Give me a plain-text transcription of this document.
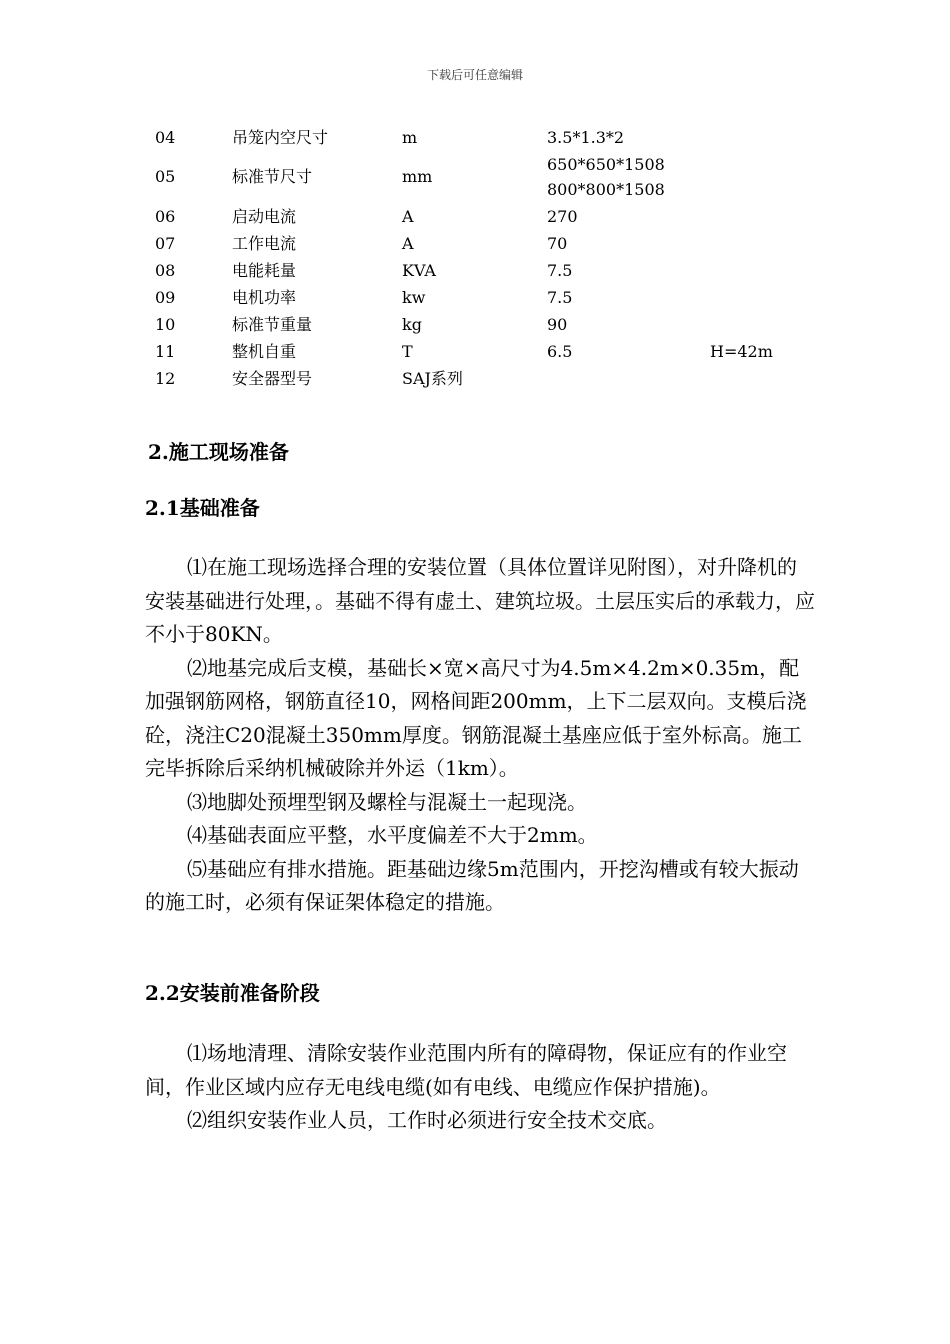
下载后可任意编辑
04	吊笼内空尺寸	m	3.5*1.3*2	
05	标准节尺寸	mm	650*650*1508
800*800*1508	

06	启动电流	A	270	
07	工作电流	A	70	
08	电能耗量	KVA	7.5	
09	电机功率	kw	7.5	
10	标准节重量	kg	90	
11	整机自重	T	6.5	H=42m
12	安全器型号	SAJ系列		
2.施工现场准备
2.1基础准备

⑴在施工现场选择合理的安装位置（具体位置详见附图），对升降机的安装基础进行处理，。基础不得有虚土、建筑垃圾。土层压实后的承载力，应不小于80KN。

⑵地基完成后支模，基础长×宽×高尺寸为4.5m×4.2m×0.35m，配加强钢筋网格，钢筋直径10，网格间距200mm，上下二层双向。支模后浇砼，浇注C20混凝土350mm厚度。钢筋混凝土基座应低于室外标高。施工完毕拆除后采纳机械破除并外运（1km）。

⑶地脚处预埋型钢及螺栓与混凝土一起现浇。

⑷基础表面应平整，水平度偏差不大于2mm。

⑸基础应有排水措施。距基础边缘5m范围内，开挖沟槽或有较大振动的施工时，必须有保证架体稳定的措施。

2.2安装前准备阶段

⑴场地清理、清除安装作业范围内所有的障碍物，保证应有的作业空间，作业区域内应存无电线电缆(如有电线、电缆应作保护措施)。

⑵组织安装作业人员，工作时必须进行安全技术交底。
